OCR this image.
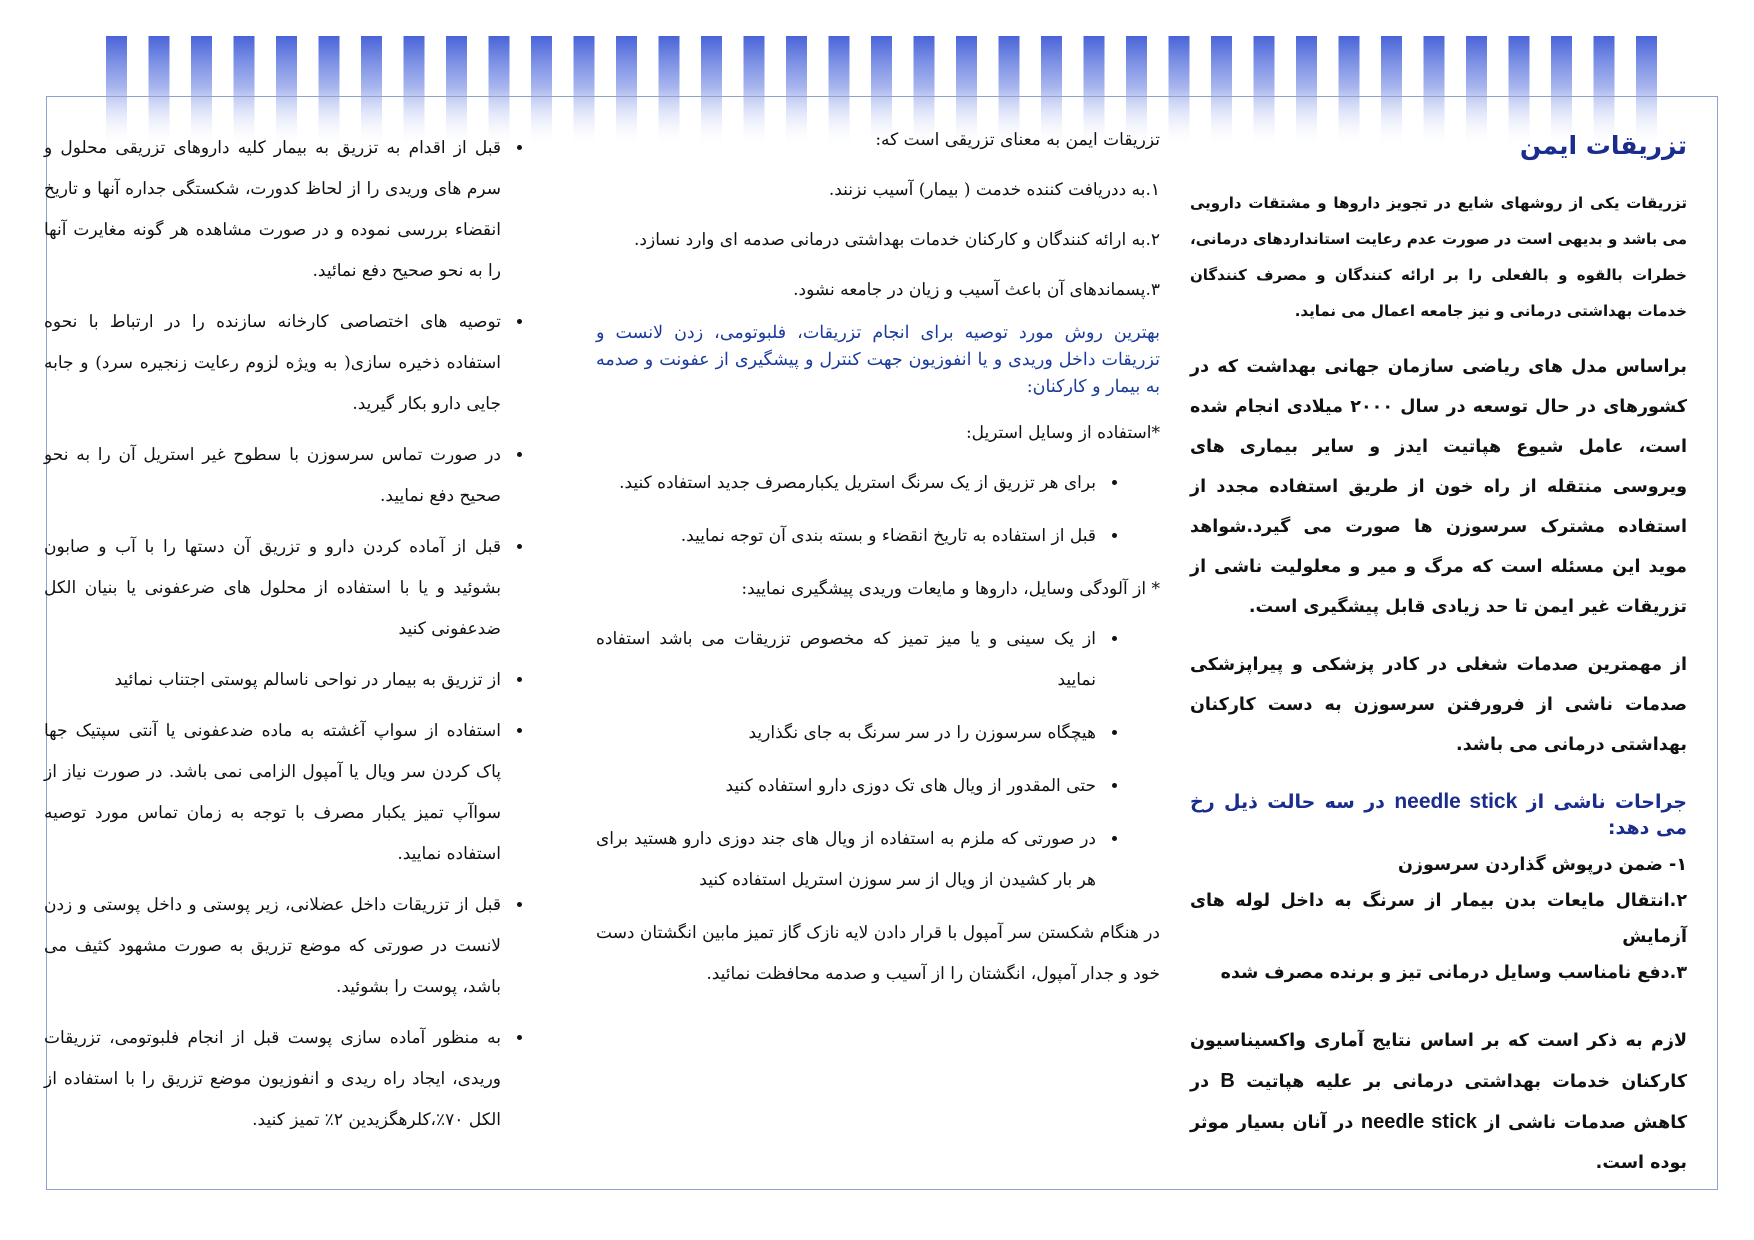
تزریقات ایمن

تزریقات یکی از روشهای شایع در تجویز داروها و مشتقات دارویی می باشد و بدیهی است در صورت عدم رعایت استانداردهای درمانی، خطرات بالقوه و بالفعلی را بر ارائه کنندگان و مصرف کنندگان خدمات بهداشتی درمانی و نیز جامعه اعمال می نماید.

براساس مدل های ریاضی سازمان جهانی بهداشت که در کشورهای در حال توسعه در سال ۲۰۰۰ میلادی انجام شده است، عامل شیوع هپاتیت ایدز و سایر بیماری های ویروسی منتقله از راه خون از طریق استفاده مجدد از استفاده مشترک سرسوزن ها صورت می گیرد.شواهد موید این مسئله است که مرگ و میر و معلولیت ناشی از تزریقات غیر ایمن تا حد زیادی قابل پیشگیری است.

از مهمترین صدمات شغلی در کادر پزشکی و پیراپزشکی صدمات ناشی از فرورفتن سرسوزن به دست کارکنان بهداشتی درمانی می باشد.

جراحات ناشی از needle stick در سه حالت ذیل رخ می دهد:
۱- ضمن درپوش گذاردن سرسوزن
۲.انتقال مایعات بدن بیمار از سرنگ به داخل لوله های آزمایش
۳.دفع نامناسب وسایل درمانی تیز و برنده مصرف شده

لازم به ذکر است که بر اساس نتایج آماری واکسیناسیون کارکنان خدمات بهداشتی درمانی بر علیه هپاتیت B در کاهش صدمات ناشی از needle stick در آنان بسیار موثر بوده است.

تزریقات ایمن به معنای تزریقی است که:

۱.به ددریافت کننده خدمت ( بیمار) آسیب نزنند.

۲.به ارائه کنندگان و کارکنان خدمات بهداشتی درمانی صدمه ای وارد نسازد.

۳.پسماندهای آن باعث آسیب و زیان در جامعه نشود.

بهترین روش مورد توصیه برای انجام تزریقات، فلبوتومی، زدن لانست و تزریقات داخل وریدی و یا انفوزیون جهت کنترل و پیشگیری از عفونت و صدمه به بیمار و کارکنان:

*استفاده از وسایل استریل:

• برای هر تزریق از یک سرنگ استریل یکبارمصرف جدید استفاده کنید.
• قبل از استفاده به تاریخ انقضاء و بسته بندی آن توجه نمایید.

* از آلودگی وسایل، داروها و مایعات وریدی پیشگیری نمایید:

• از یک سینی و یا میز تمیز که مخصوص تزریقات می باشد استفاده نمایید
• هیچگاه سرسوزن را در سر سرنگ به جای نگذارید
• حتی المقدور از ویال های تک دوزی دارو استفاده کنید
• در صورتی که ملزم به استفاده از ویال های جند دوزی دارو هستید برای هر بار کشیدن از ویال از سر سوزن استریل استفاده کنید

در هنگام شکستن سر آمپول با قرار دادن لایه نازک گاز تمیز مابین انگشتان دست خود و جدار آمپول، انگشتان را از آسیب و صدمه محافظت نمائید.

• قبل از اقدام به تزریق به بیمار کلیه داروهای تزریقی محلول و سرم های وریدی را از لحاظ کدورت، شکستگی جداره آنها و تاریخ انقضاء بررسی نموده و در صورت مشاهده هر گونه مغایرت آنها را به نحو صحیح دفع نمائید.
• توصیه های اختصاصی کارخانه سازنده را در ارتباط با نحوه استفاده ذخیره سازی( به ویژه لزوم رعایت زنجیره سرد) و جابه جایی دارو بکار گیرید.
• در صورت تماس سرسوزن با سطوح غیر استریل آن را به نحو صحیح دفع نمایید.
• قبل از آماده کردن دارو و تزریق آن دستها را با آب و صابون بشوئید و یا با استفاده از محلول های ضرعفونی یا بنیان الکل ضدعفونی کنید
• از تزریق به بیمار در نواحی ناسالم پوستی اجتناب نمائید
• استفاده از سواپ آغشته به ماده ضدعفونی یا آنتی سپتیک جها پاک کردن سر ویال یا آمپول الزامی نمی باشد. در صورت نیاز از سواآپ تمیز یکبار مصرف با توجه به زمان تماس مورد توصیه استفاده نمایید.
• قبل از تزریقات داخل عضلانی، زیر پوستی و داخل پوستی و زدن لانست در صورتی که موضع تزریق به صورت مشهود کثیف می باشد، پوست را بشوئید.
• به منظور آماده سازی پوست قبل از انجام فلبوتومی، تزریقات وریدی، ایجاد راه ریدی و انفوزیون موضع تزریق را با استفاده از الکل ۷۰٪،کلرهگزیدین ۲٪ تمیز کنید.
